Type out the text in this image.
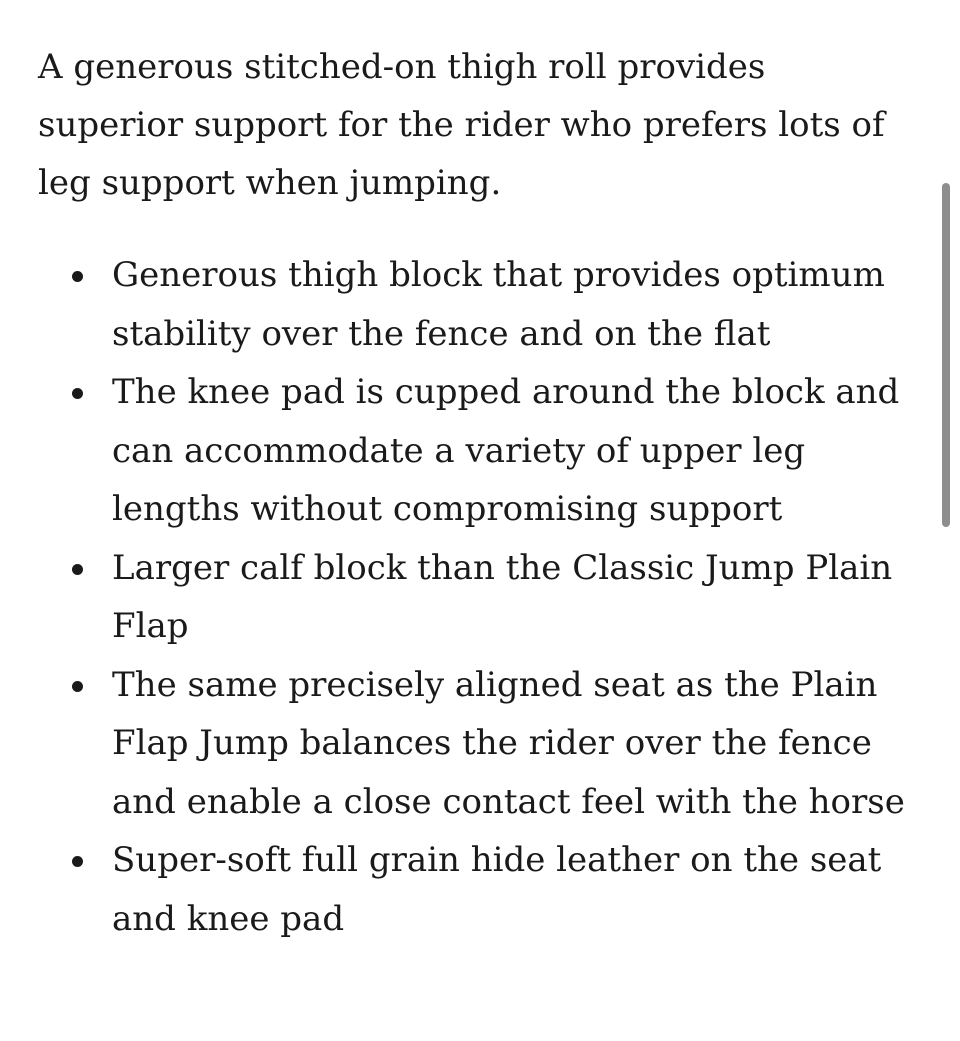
A generous stitched-on thigh roll provides superior support for the rider who prefers lots of leg support when jumping.

Generous thigh block that provides optimum stability over the fence and on the flat
The knee pad is cupped around the block and can accommodate a variety of upper leg lengths without compromising support
Larger calf block than the Classic Jump Plain Flap
The same precisely aligned seat as the Plain Flap Jump balances the rider over the fence and enable a close contact feel with the horse
Super-soft full grain hide leather on the seat and knee pad
